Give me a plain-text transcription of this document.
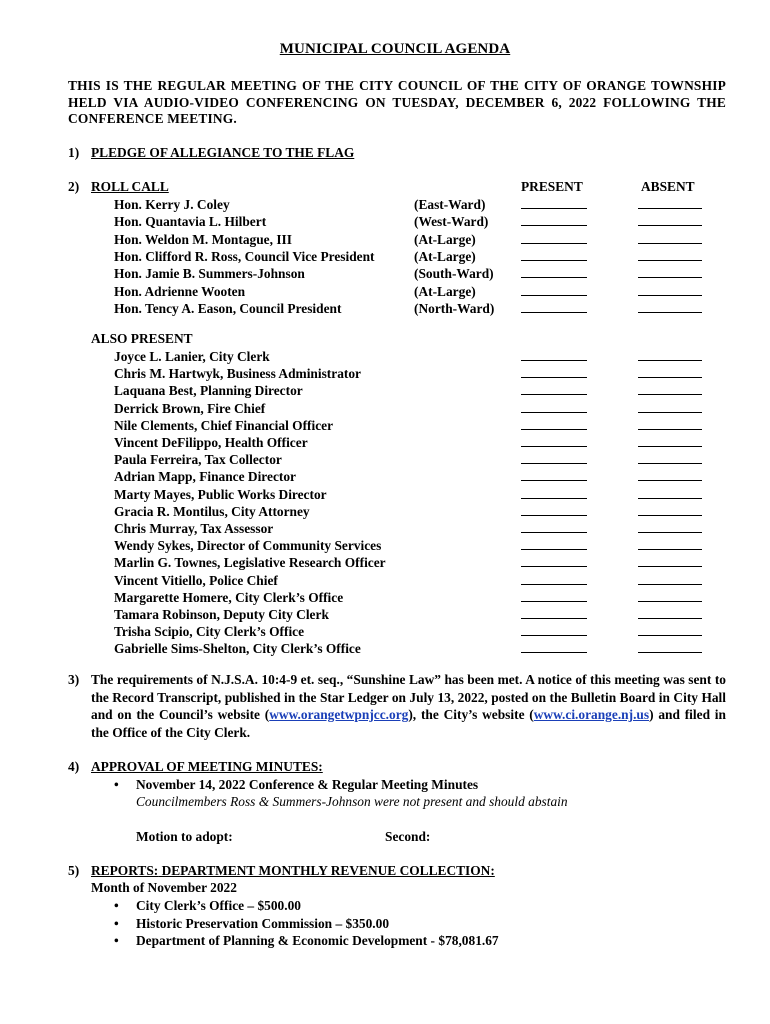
MUNICIPAL COUNCIL AGENDA
THIS IS THE REGULAR MEETING OF THE CITY COUNCIL OF THE CITY OF ORANGE TOWNSHIP HELD VIA AUDIO-VIDEO CONFERENCING ON TUESDAY, DECEMBER 6, 2022 FOLLOWING THE CONFERENCE MEETING.
1) PLEDGE OF ALLEGIANCE TO THE FLAG
2) ROLL CALL	PRESENT	ABSENT
Hon. Kerry J. Coley	(East-Ward)
Hon. Quantavia L. Hilbert	(West-Ward)
Hon. Weldon M. Montague, III	(At-Large)
Hon. Clifford R. Ross, Council Vice President	(At-Large)
Hon. Jamie B. Summers-Johnson	(South-Ward)
Hon. Adrienne Wooten	(At-Large)
Hon. Tency A. Eason, Council President	(North-Ward)
ALSO PRESENT
Joyce L. Lanier, City Clerk
Chris M. Hartwyk, Business Administrator
Laquana Best, Planning Director
Derrick Brown, Fire Chief
Nile Clements, Chief Financial Officer
Vincent DeFilippo, Health Officer
Paula Ferreira, Tax Collector
Adrian Mapp, Finance Director
Marty Mayes, Public Works Director
Gracia R. Montilus, City Attorney
Chris Murray, Tax Assessor
Wendy Sykes, Director of Community Services
Marlin G. Townes, Legislative Research Officer
Vincent Vitiello, Police Chief
Margarette Homere, City Clerk’s Office
Tamara Robinson, Deputy City Clerk
Trisha Scipio, City Clerk’s Office
Gabrielle Sims-Shelton, City Clerk’s Office
3) The requirements of N.J.S.A. 10:4-9 et. seq., “Sunshine Law” has been met. A notice of this meeting was sent to the Record Transcript, published in the Star Ledger on July 13, 2022, posted on the Bulletin Board in City Hall and on the Council’s website (www.orangetwpnjcc.org), the City’s website (www.ci.orange.nj.us) and filed in the Office of the City Clerk.
4) APPROVAL OF MEETING MINUTES:
• November 14, 2022 Conference & Regular Meeting Minutes
Councilmembers Ross & Summers-Johnson were not present and should abstain
Motion to adopt:	Second:
5) REPORTS: DEPARTMENT MONTHLY REVENUE COLLECTION:
Month of November 2022
• City Clerk’s Office – $500.00
• Historic Preservation Commission – $350.00
• Department of Planning & Economic Development - $78,081.67
